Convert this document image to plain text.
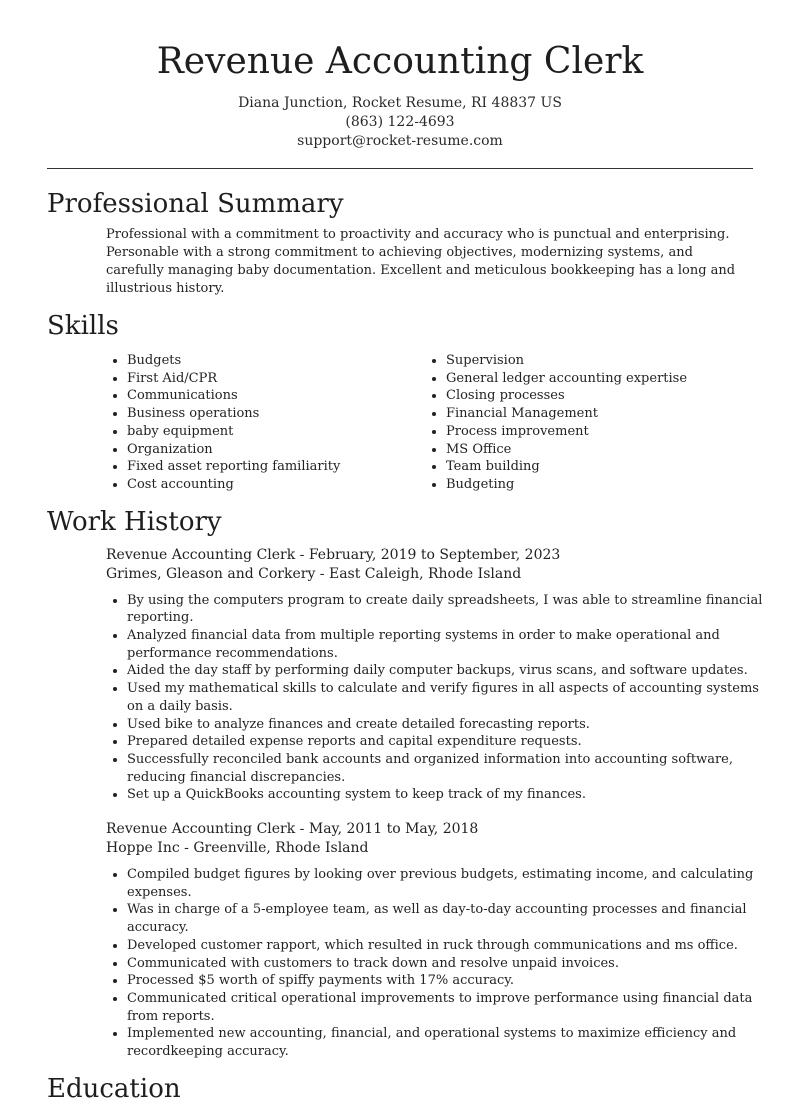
Revenue Accounting Clerk
Diana Junction, Rocket Resume, RI 48837 US
(863) 122-4693
support@rocket-resume.com
Professional Summary
Professional with a commitment to proactivity and accuracy who is punctual and enterprising. Personable with a strong commitment to achieving objectives, modernizing systems, and carefully managing baby documentation. Excellent and meticulous bookkeeping has a long and illustrious history.
Skills
• Budgets
• First Aid/CPR
• Communications
• Business operations
• baby equipment
• Organization
• Fixed asset reporting familiarity
• Cost accounting
• Supervision
• General ledger accounting expertise
• Closing processes
• Financial Management
• Process improvement
• MS Office
• Team building
• Budgeting
Work History
Revenue Accounting Clerk - February, 2019 to September, 2023
Grimes, Gleason and Corkery - East Caleigh, Rhode Island
• By using the computers program to create daily spreadsheets, I was able to streamline financial reporting.
• Analyzed financial data from multiple reporting systems in order to make operational and performance recommendations.
• Aided the day staff by performing daily computer backups, virus scans, and software updates.
• Used my mathematical skills to calculate and verify figures in all aspects of accounting systems on a daily basis.
• Used bike to analyze finances and create detailed forecasting reports.
• Prepared detailed expense reports and capital expenditure requests.
• Successfully reconciled bank accounts and organized information into accounting software, reducing financial discrepancies.
• Set up a QuickBooks accounting system to keep track of my finances.
Revenue Accounting Clerk - May, 2011 to May, 2018
Hoppe Inc - Greenville, Rhode Island
• Compiled budget figures by looking over previous budgets, estimating income, and calculating expenses.
• Was in charge of a 5-employee team, as well as day-to-day accounting processes and financial accuracy.
• Developed customer rapport, which resulted in ruck through communications and ms office.
• Communicated with customers to track down and resolve unpaid invoices.
• Processed $5 worth of spiffy payments with 17% accuracy.
• Communicated critical operational improvements to improve performance using financial data from reports.
• Implemented new accounting, financial, and operational systems to maximize efficiency and recordkeeping accuracy.
Education
